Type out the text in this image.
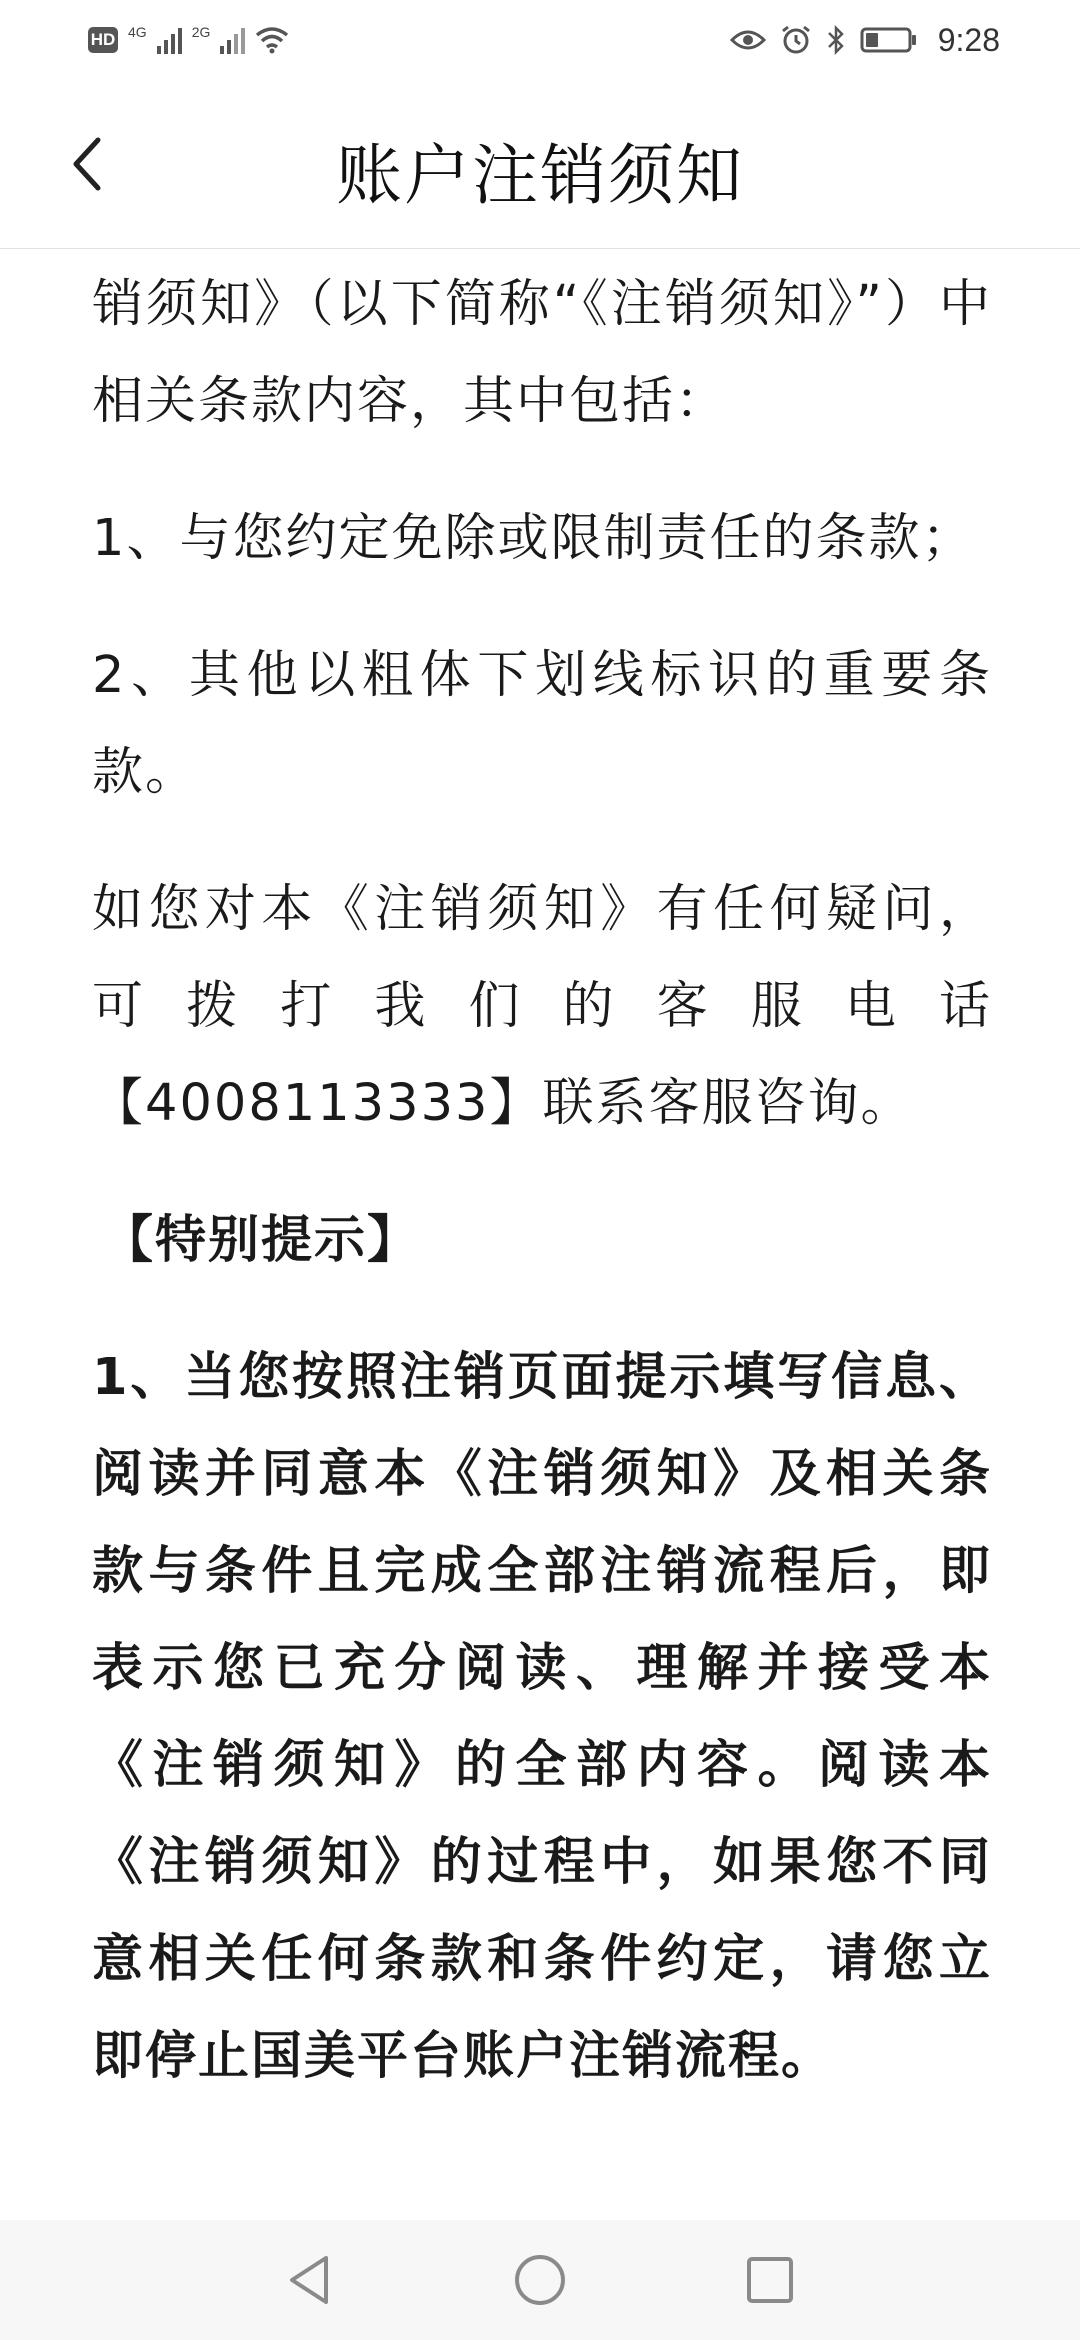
HD 4G	2G	9:28
账户注销须知

销须知》（以下简称“《注销须知》”）中相关条款内容，其中包括：

1、与您约定免除或限制责任的条款；

2、其他以粗体下划线标识的重要条款。

如您对本《注销须知》有任何疑问，可拨打我们的客服电话【4008113333】联系客服咨询。

【特别提示】

1、当您按照注销页面提示填写信息、阅读并同意本《注销须知》及相关条款与条件且完成全部注销流程后，即表示您已充分阅读、理解并接受本《注销须知》的全部内容。阅读本《注销须知》的过程中，如果您不同意相关任何条款和条件约定，请您立即停止国美平台账户注销流程。
